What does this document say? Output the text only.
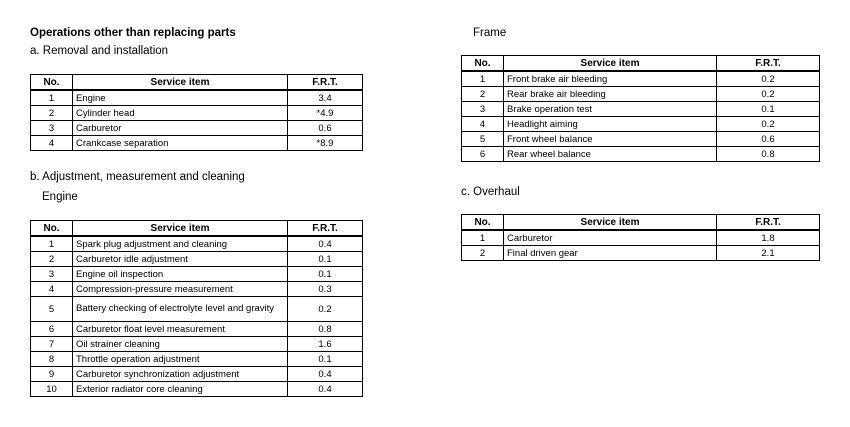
Operations other than replacing parts
a. Removal and installation
No.	Service item	F.R.T.
1	Engine	3.4
2	Cylinder head	*4.9
3	Carburetor	0.6
4	Crankcase separation	*8.9
b. Adjustment, measurement and cleaning
Engine
No.	Service item	F.R.T.
1	Spark plug adjustment and cleaning	0.4
2	Carburetor idle adjustment	0.1
3	Engine oil inspection	0.1
4	Compression-pressure measurement	0.3
5	Battery checking of electrolyte level and gravity	0.2
6	Carburetor float level measurement	0.8
7	Oil strainer cleaning	1.6
8	Throttle operation adjustment	0.1
9	Carburetor synchronization adjustment	0.4
10	Exterior radiator core cleaning	0.4
Frame
No.	Service item	F.R.T.
1	Front brake air bleeding	0.2
2	Rear brake air bleeding	0.2
3	Brake operation test	0.1
4	Headlight aiming	0.2
5	Front wheel balance	0.6
6	Rear wheel balance	0.8
c. Overhaul
No.	Service item	F.R.T.
1	Carburetor	1.8
2	Final driven gear	2.1
